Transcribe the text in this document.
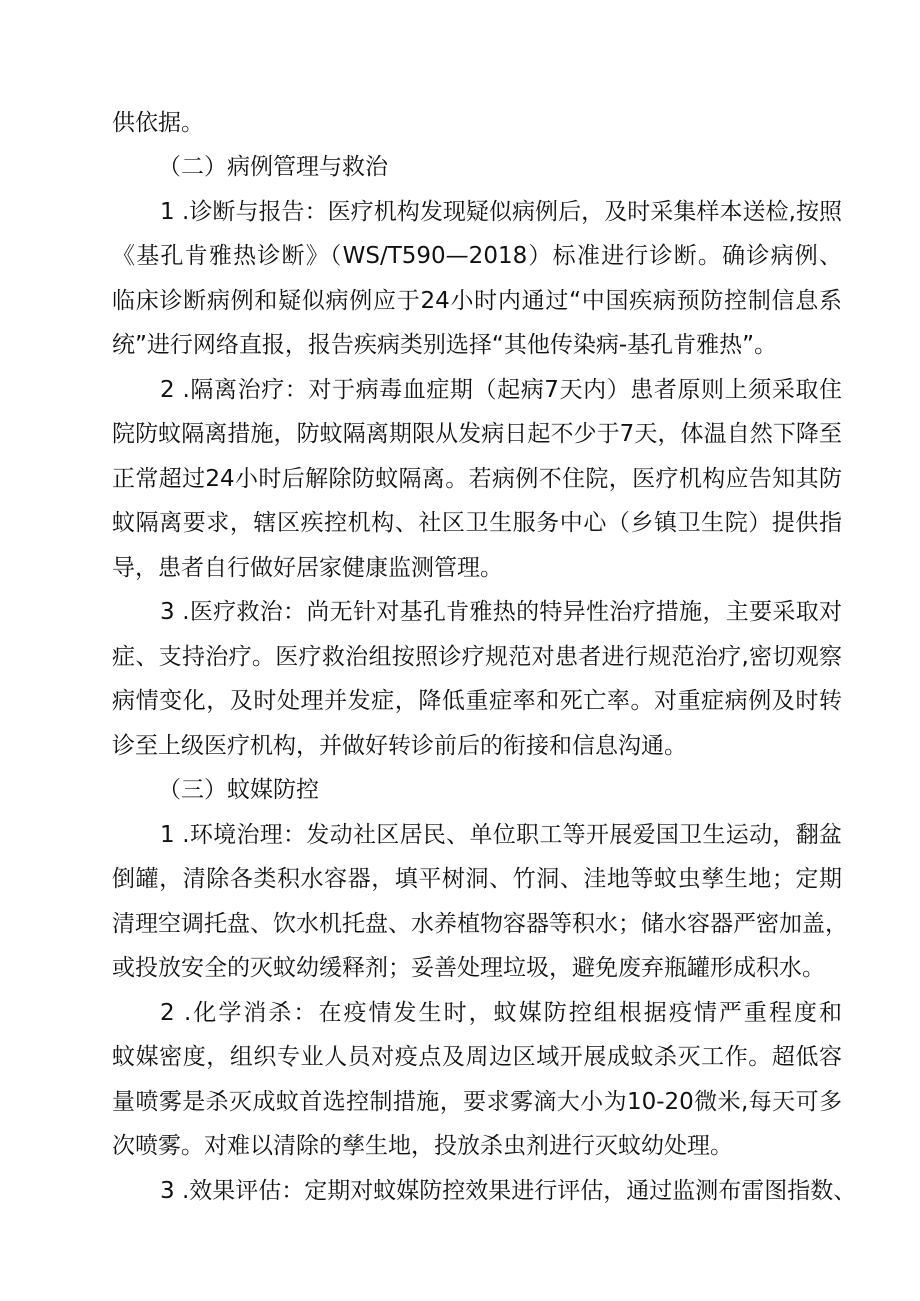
供依据。
（二）病例管理与救治
1 .诊断与报告：医疗机构发现疑似病例后，及时采集样本送检,按照
《基孔肯雅热诊断》（WS/T590—2018）标准进行诊断。确诊病例、
临床诊断病例和疑似病例应于24小时内通过“中国疾病预防控制信息系
统”进行网络直报，报告疾病类别选择“其他传染病-基孔肯雅热”。
2 .隔离治疗：对于病毒血症期（起病7天内）患者原则上须采取住
院防蚊隔离措施，防蚊隔离期限从发病日起不少于7天，体温自然下降至
正常超过24小时后解除防蚊隔离。若病例不住院，医疗机构应告知其防
蚊隔离要求，辖区疾控机构、社区卫生服务中心（乡镇卫生院）提供指
导，患者自行做好居家健康监测管理。
3 .医疗救治：尚无针对基孔肯雅热的特异性治疗措施，主要采取对
症、支持治疗。医疗救治组按照诊疗规范对患者进行规范治疗,密切观察
病情变化，及时处理并发症，降低重症率和死亡率。对重症病例及时转
诊至上级医疗机构，并做好转诊前后的衔接和信息沟通。
（三）蚊媒防控
1 .环境治理：发动社区居民、单位职工等开展爱国卫生运动，翻盆
倒罐，清除各类积水容器，填平树洞、竹洞、洼地等蚊虫孳生地；定期
清理空调托盘、饮水机托盘、水养植物容器等积水；储水容器严密加盖，
或投放安全的灭蚊幼缓释剂；妥善处理垃圾，避免废弃瓶罐形成积水。
2 .化学消杀：在疫情发生时，蚊媒防控组根据疫情严重程度和
蚊媒密度，组织专业人员对疫点及周边区域开展成蚊杀灭工作。超低容
量喷雾是杀灭成蚊首选控制措施，要求雾滴大小为10-20微米,每天可多
次喷雾。对难以清除的孳生地，投放杀虫剂进行灭蚊幼处理。
3 .效果评估：定期对蚊媒防控效果进行评估，通过监测布雷图指数、
